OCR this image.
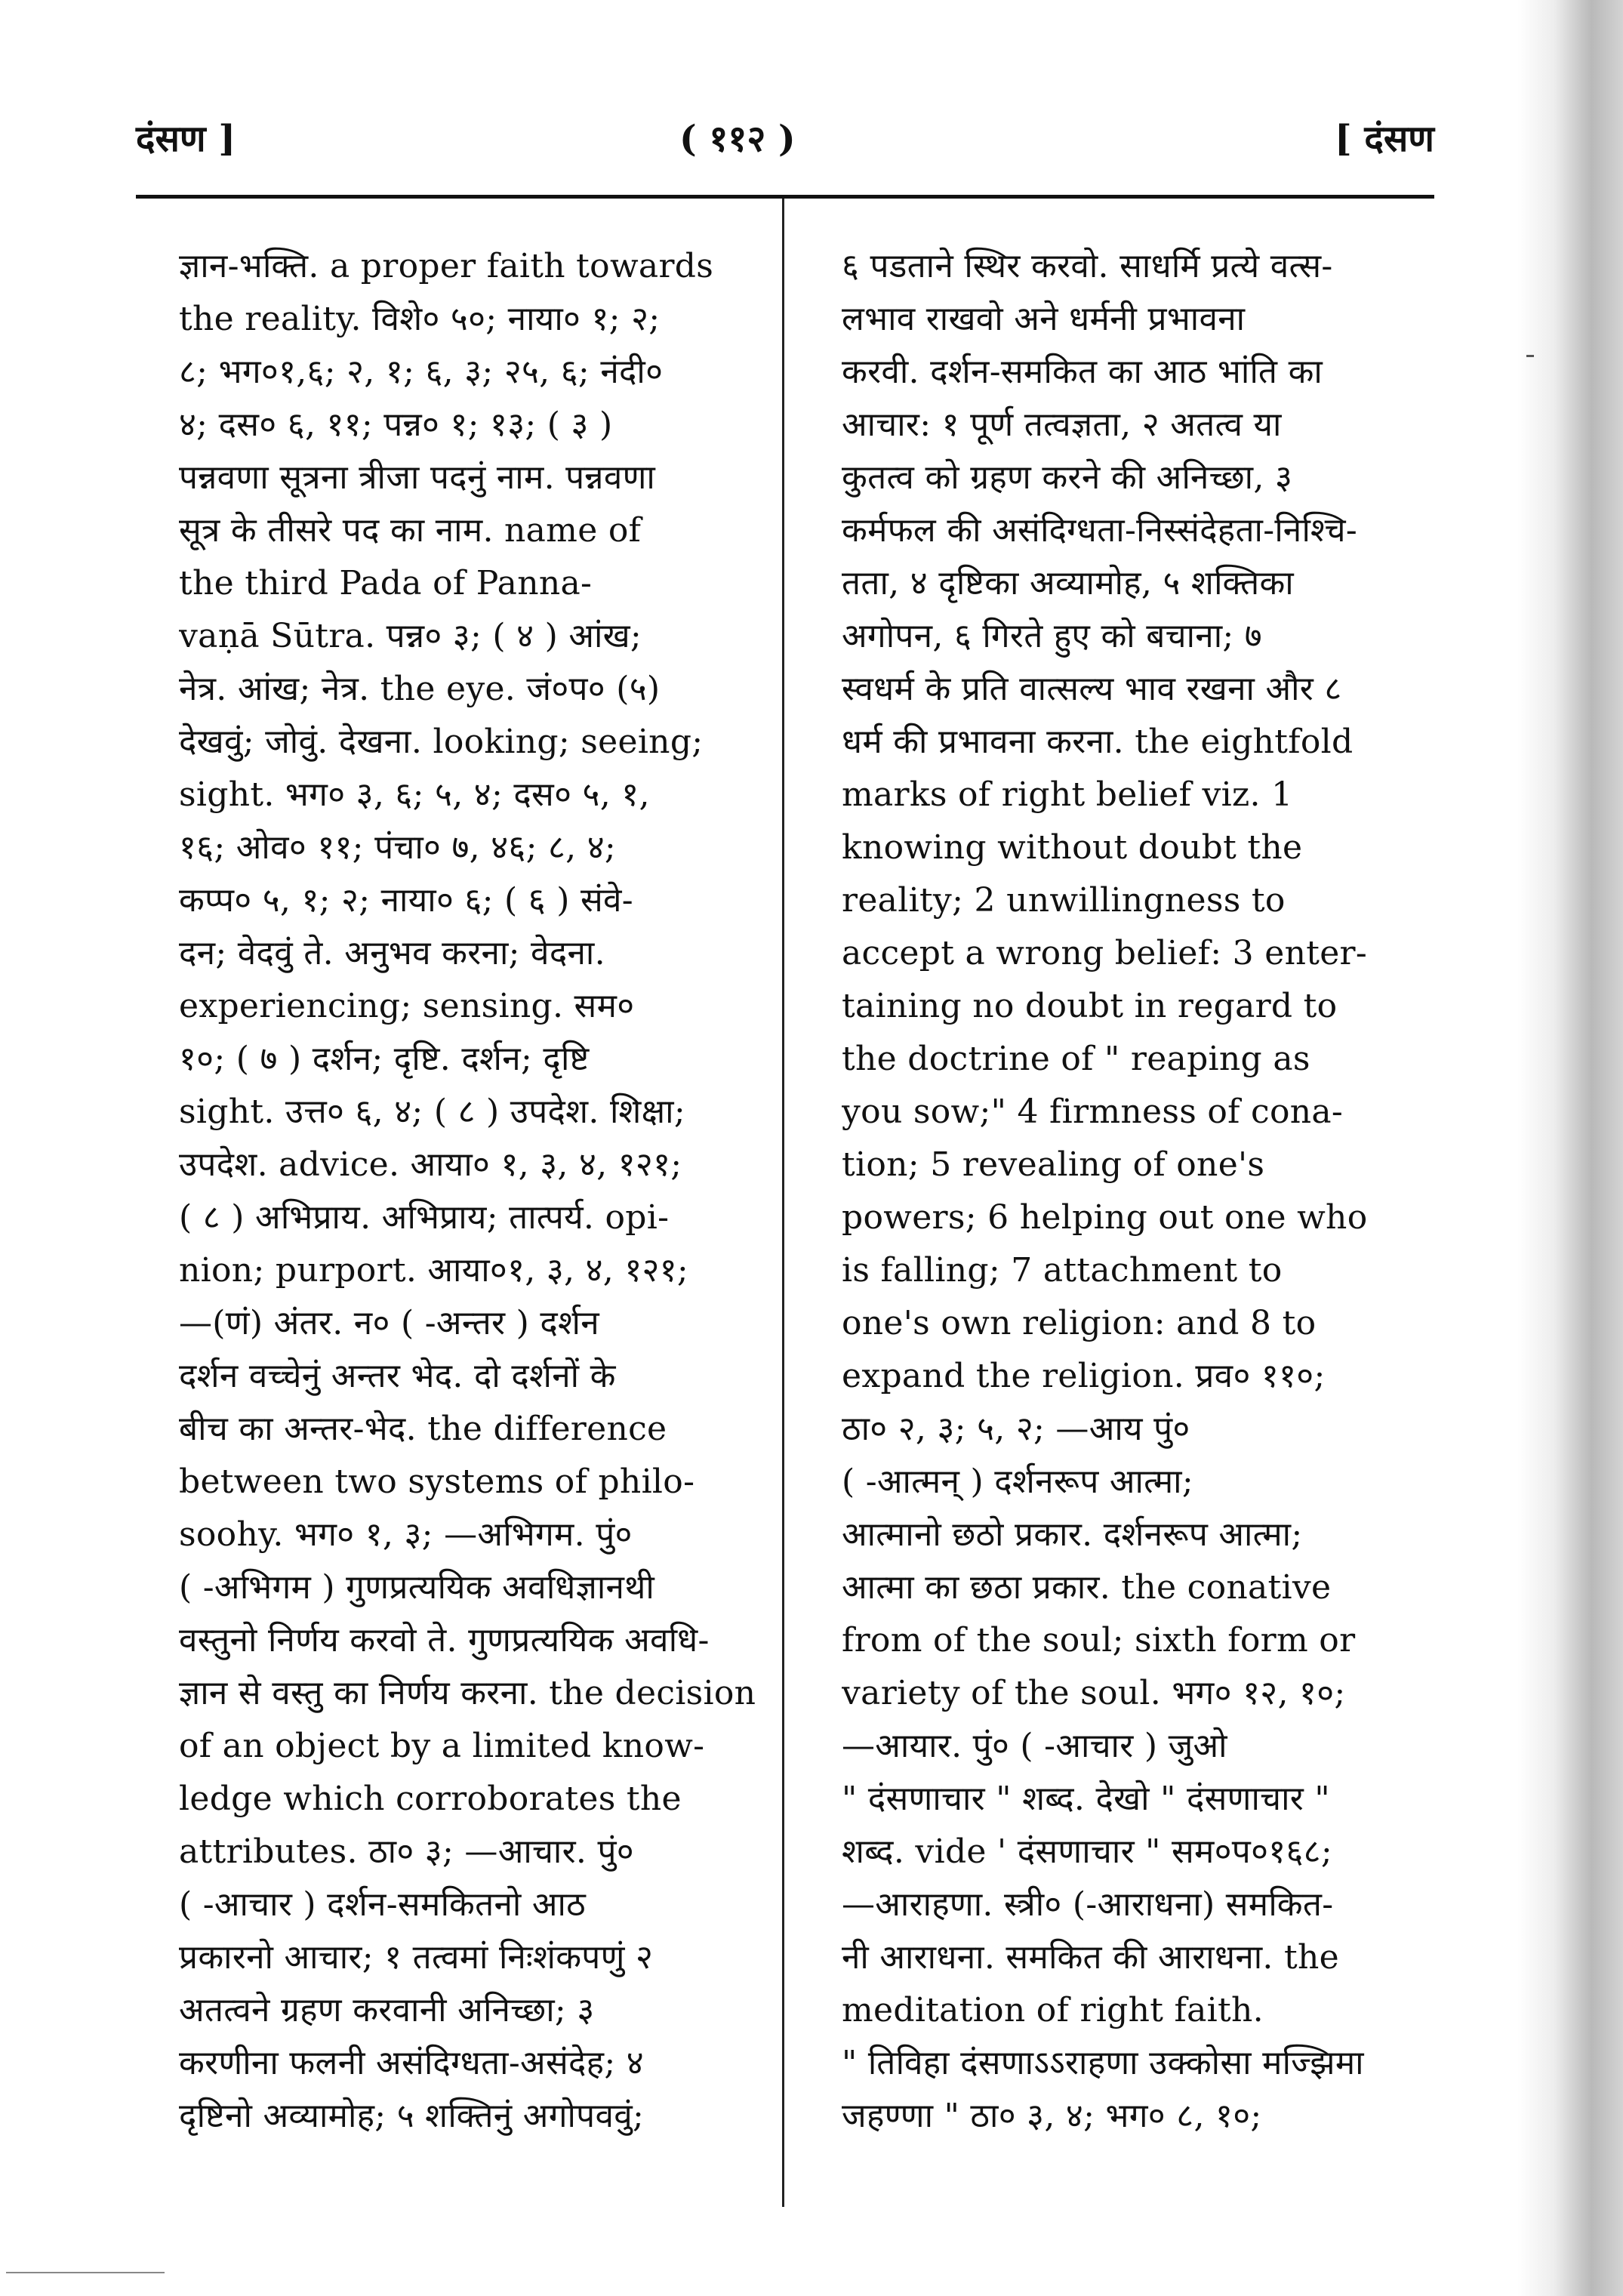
दंसण ]	( ११२ )	[ दंसण
ज्ञान-भक्ति. a proper faith towards
the reality. विशे० ५०; नाया० १; २;
८; भग०१,६; २, १; ६, ३; २५, ६; नंदी०
४; दस० ६, ११; पन्न० १; १३; ( ३ )
पन्नवणा सूत्रना त्रीजा पदनुं नाम. पन्नवणा
सूत्र के तीसरे पद का नाम. name of
the third Pada of Panna-
vaṇā Sūtra. पन्न० ३; ( ४ ) आंख;
नेत्र. आंख; नेत्र. the eye. जं०प० (५)
देखवुं; जोवुं. देखना. looking; seeing;
sight. भग० ३, ६; ५, ४; दस० ५, १,
१६; ओव० ११; पंचा० ७, ४६; ८, ४;
कप्प० ५, १; २; नाया० ६; ( ६ ) संवे-
दन; वेदवुं ते. अनुभव करना; वेदना.
experiencing; sensing. सम०
१०; ( ७ ) दर्शन; दृष्टि. दर्शन; दृष्टि
sight. उत्त० ६, ४; ( ८ ) उपदेश. शिक्षा;
उपदेश. advice. आया० १, ३, ४, १२१;
( ८ ) अभिप्राय. अभिप्राय; तात्पर्य. opi-
nion; purport. आया०१, ३, ४, १२१;
—(णं) अंतर. न० ( -अन्तर ) दर्शन
दर्शन वच्चेनुं अन्तर भेद. दो दर्शनों के
बीच का अन्तर-भेद. the difference
between two systems of philo-
soohy. भग० १, ३; —अभिगम. पुं०
( -अभिगम ) गुणप्रत्ययिक अवधिज्ञानथी
वस्तुनो निर्णय करवो ते. गुणप्रत्ययिक अवधि-
ज्ञान से वस्तु का निर्णय करना. the decision
of an object by a limited know-
ledge which corroborates the
attributes. ठा० ३; —आचार. पुं०
( -आचार ) दर्शन-समकितनो आठ
प्रकारनो आचार; १ तत्वमां निःशंकपणुं २
अतत्वने ग्रहण करवानी अनिच्छा; ३
करणीना फलनी असंदिग्धता-असंदेह; ४
दृष्टिनो अव्यामोह; ५ शक्तिनुं अगोपववुं;
६ पडताने स्थिर करवो. साधर्मि प्रत्ये वत्स-
लभाव राखवो अने धर्मनी प्रभावना
करवी. दर्शन-समकित का आठ भांति का
आचार: १ पूर्ण तत्वज्ञता, २ अतत्व या
कुतत्व को ग्रहण करने की अनिच्छा, ३
कर्मफल की असंदिग्धता-निस्संदेहता-निश्चि-
तता, ४ दृष्टिका अव्यामोह, ५ शक्तिका
अगोपन, ६ गिरते हुए को बचाना; ७
स्वधर्म के प्रति वात्सल्य भाव रखना और ८
धर्म की प्रभावना करना. the eightfold
marks of right belief viz. 1
knowing without doubt the
reality; 2 unwillingness to
accept a wrong belief: 3 enter-
taining no doubt in regard to
the doctrine of " reaping as
you sow;" 4 firmness of cona-
tion; 5 revealing of one's
powers; 6 helping out one who
is falling; 7 attachment to
one's own religion: and 8 to
expand the religion. प्रव० ११०;
ठा० २, ३; ५, २; —आय पुं०
( -आत्मन् ) दर्शनरूप आत्मा;
आत्मानो छठो प्रकार. दर्शनरूप आत्मा;
आत्मा का छठा प्रकार. the conative
from of the soul; sixth form or
variety of the soul. भग० १२, १०;
—आयार. पुं० ( -आचार ) जुओ
" दंसणाचार " शब्द. देखो " दंसणाचार "
शब्द. vide ' दंसणाचार " सम०प०१६८;
—आराहणा. स्त्री० (-आराधना) समकित-
नी आराधना. समकित की आराधना. the
meditation of right faith.
" तिविहा दंसणाऽऽराहणा उक्कोसा मज्झिमा
जहण्णा " ठा० ३, ४; भग० ८, १०;
